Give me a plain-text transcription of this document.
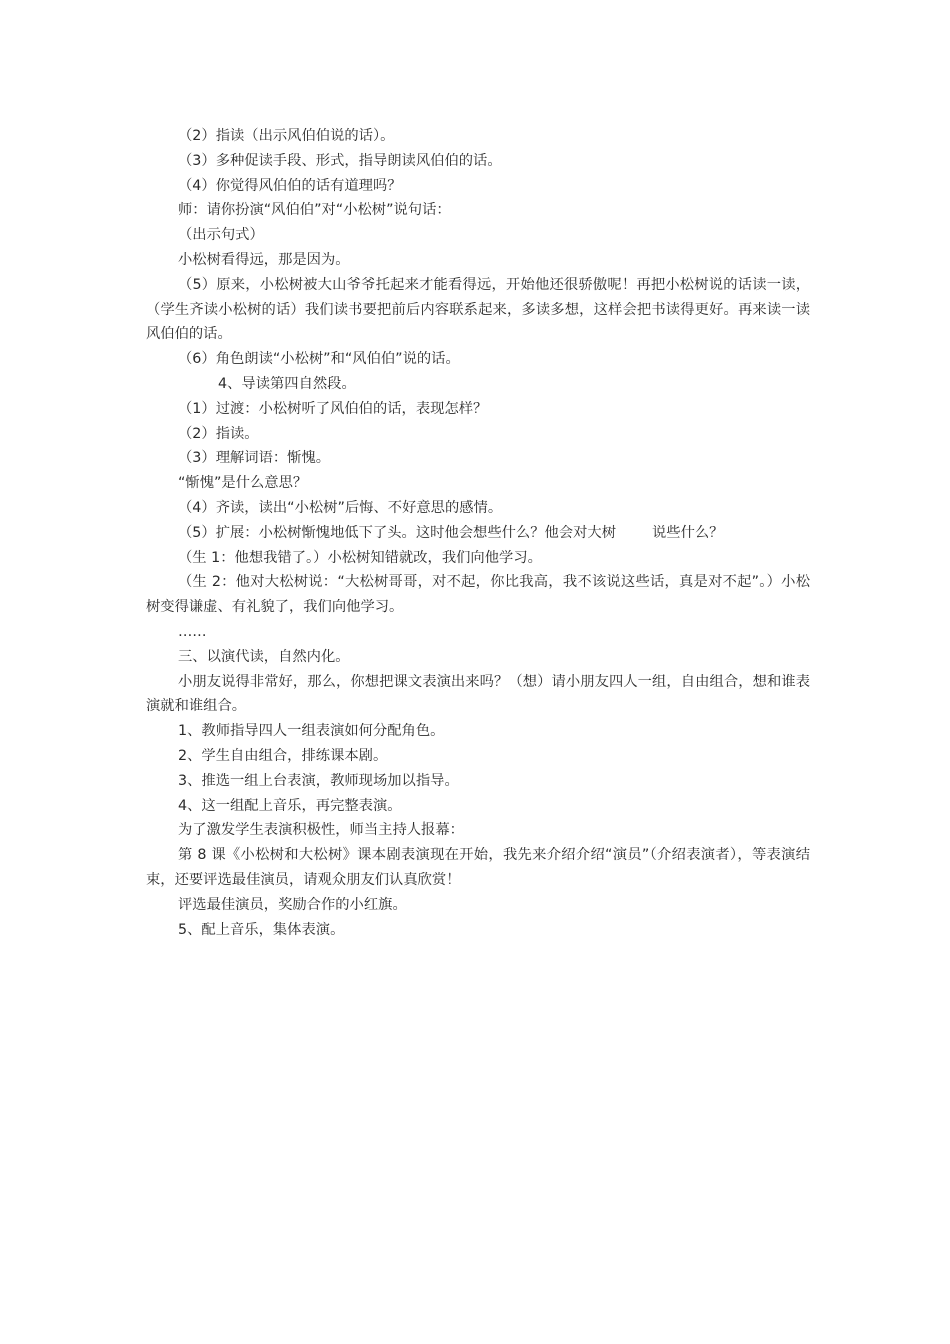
（2）指读（出示风伯伯说的话）。
（3）多种促读手段、形式，指导朗读风伯伯的话。
（4）你觉得风伯伯的话有道理吗？
师：请你扮演“风伯伯”对“小松树”说句话：
（出示句式）
小松树看得远，那是因为。
（5）原来，小松树被大山爷爷托起来才能看得远，开始他还很骄傲呢！再把小松树说的话读一读，（学生齐读小松树的话）我们读书要把前后内容联系起来，多读多想，这样会把书读得更好。再来读一读风伯伯的话。
（6）角色朗读“小松树”和“风伯伯”说的话。
4、导读第四自然段。
（1）过渡：小松树听了风伯伯的话，表现怎样？
（2）指读。
（3）理解词语：惭愧。
“惭愧”是什么意思？
（4）齐读，读出“小松树”后悔、不好意思的感情。
（5）扩展：小松树惭愧地低下了头。这时他会想些什么？他会对大树	说些什么？
（生 1：他想我错了。）小松树知错就改，我们向他学习。
（生 2：他对大松树说：“大松树哥哥，对不起，你比我高，我不该说这些话，真是对不起”。）小松树变得谦虚、有礼貌了，我们向他学习。
……
三、以演代读，自然内化。
小朋友说得非常好，那么，你想把课文表演出来吗？（想）请小朋友四人一组，自由组合，想和谁表演就和谁组合。
1、教师指导四人一组表演如何分配角色。
2、学生自由组合，排练课本剧。
3、推选一组上台表演，教师现场加以指导。
4、这一组配上音乐，再完整表演。
为了激发学生表演积极性，师当主持人报幕：
第 8 课《小松树和大松树》课本剧表演现在开始，我先来介绍介绍“演员”（介绍表演者），等表演结束，还要评选最佳演员，请观众朋友们认真欣赏！
评选最佳演员，奖励合作的小红旗。
5、配上音乐，集体表演。
